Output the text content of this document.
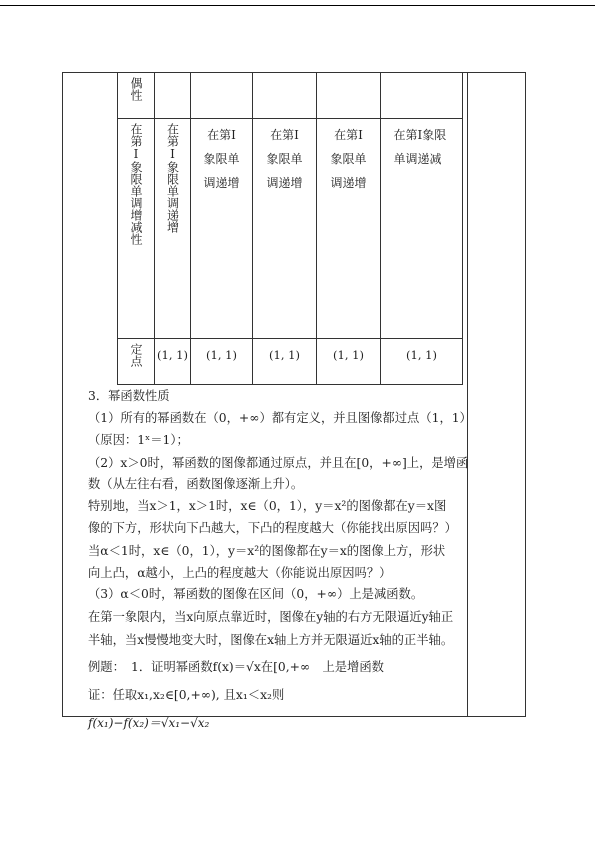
偶性					

在第Ⅰ象限单调增减性	在第Ⅰ象限单调递增	在第Ⅰ象限单调递增	在第Ⅰ象限单调递增	在第Ⅰ象限单调递增	在第Ⅰ象限单调递减

定点	(1, 1)	(1, 1)	(1, 1)	(1, 1)	(1, 1)
3．幂函数性质
（1）所有的幂函数在（0，+∞）都有定义，并且图像都过点（1，1）
（原因：1ˣ＝1）；
（2）x＞0时，幂函数的图像都通过原点，并且在[0，+∞]上，是增函
数（从左往右看，函数图像逐渐上升）。
特别地，当x＞1，x＞1时，x∈（0，1），y＝x²的图像都在y＝x图
像的下方，形状向下凸越大，下凸的程度越大（你能找出原因吗？）
当α＜1时，x∈（0，1），y＝x²的图像都在y＝x的图像上方，形状
向上凸，α越小，上凸的程度越大（你能说出原因吗？）
（3）α＜0时，幂函数的图像在区间（0，+∞）上是减函数。
在第一象限内，当x向原点靠近时，图像在y轴的右方无限逼近y轴正
半轴，当x慢慢地变大时，图像在x轴上方并无限逼近x轴的正半轴。
例题：　1．证明幂函数f(x)＝√x在[0,+∞　上是增函数
证：任取x₁,x₂∈[0,+∞), 且x₁＜x₂则
f(x₁)−f(x₂)＝√x₁−√x₂
